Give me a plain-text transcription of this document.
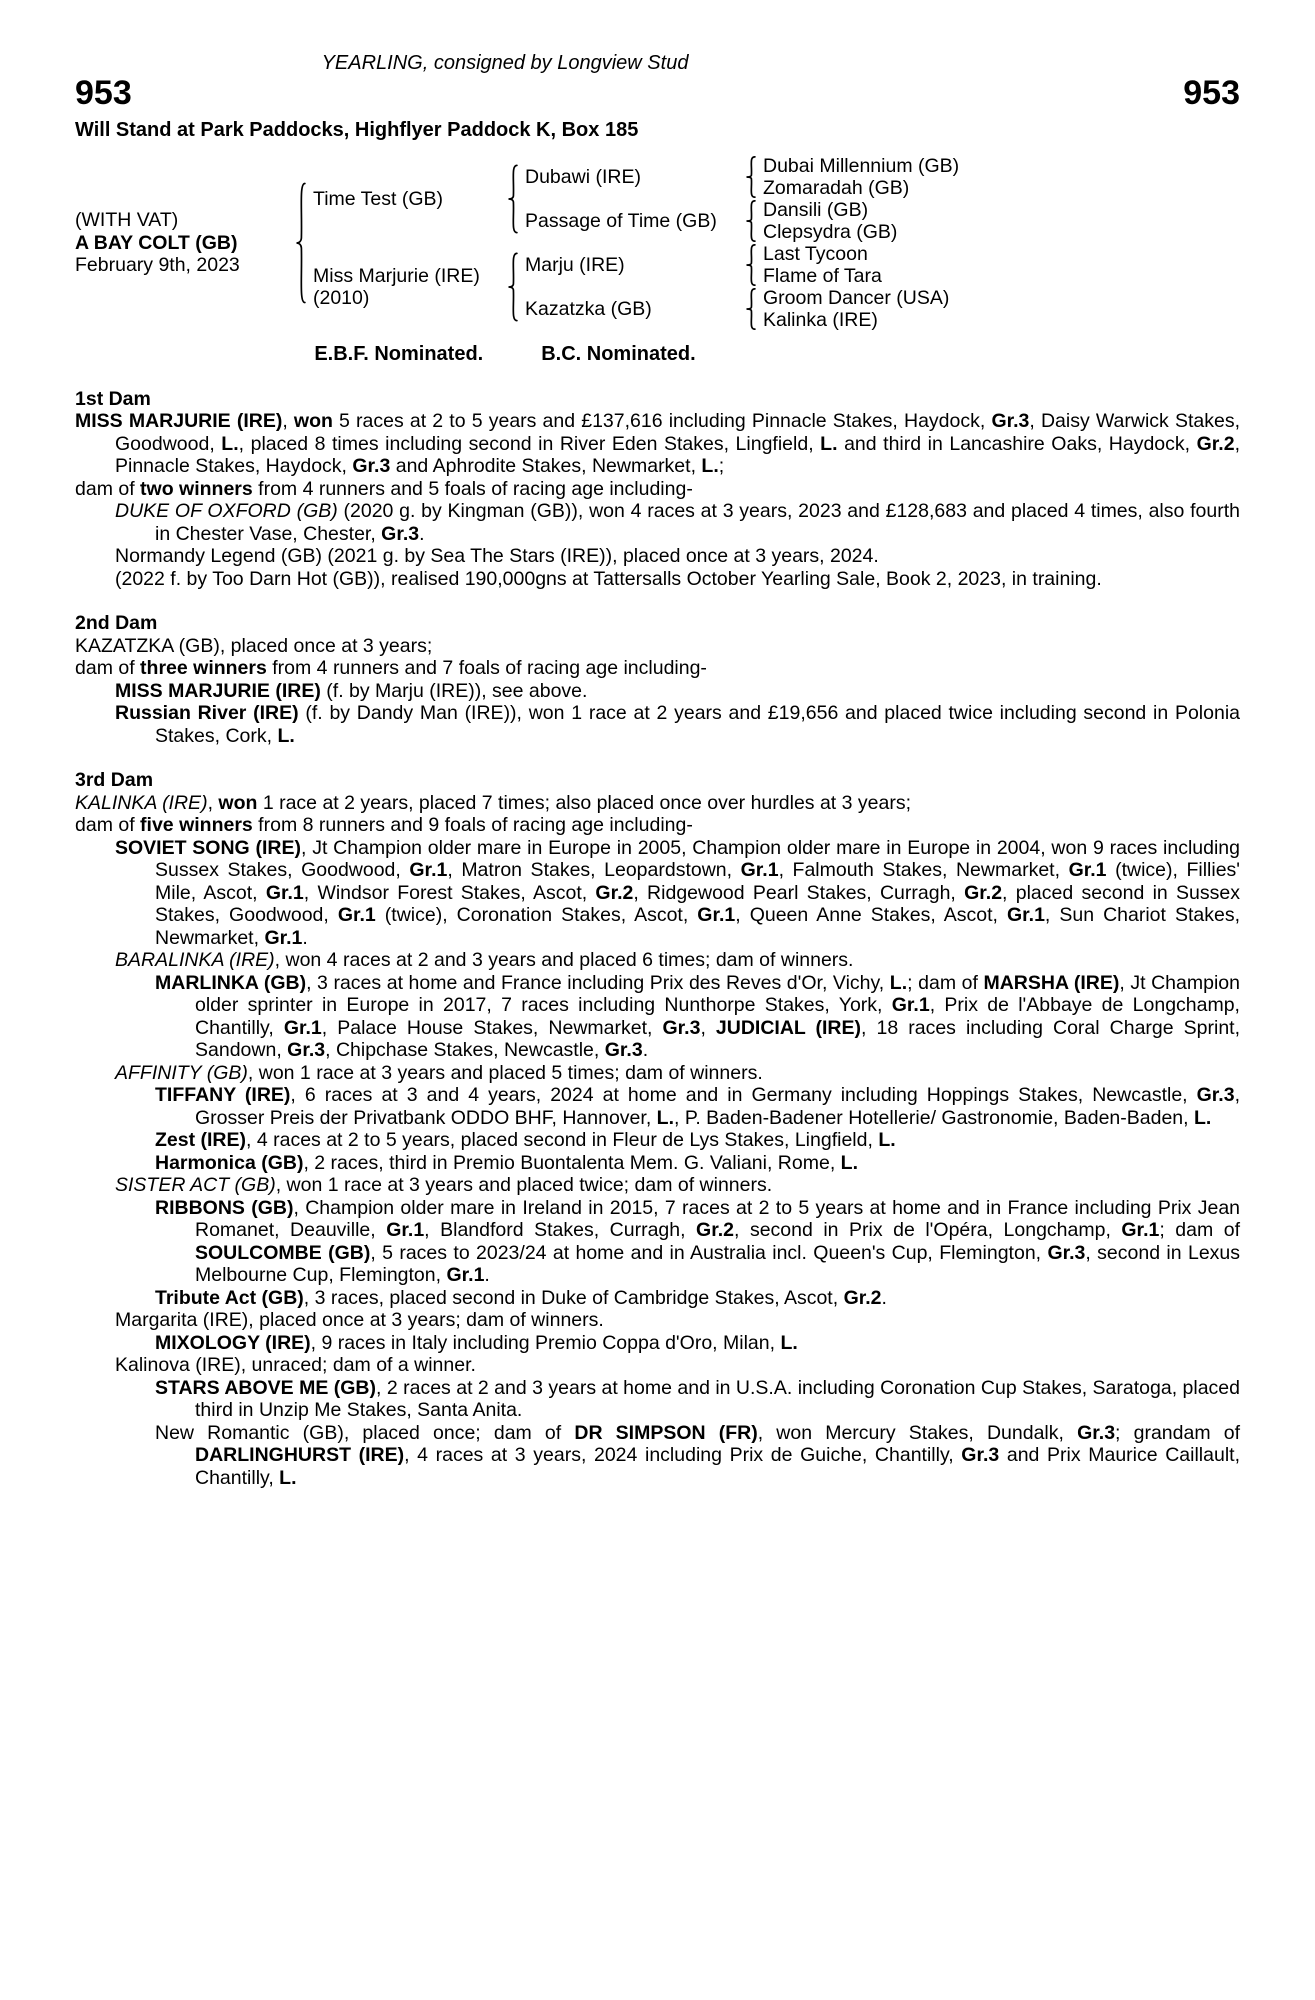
YEARLING, consigned by Longview Stud
953	953
Will Stand at Park Paddocks, Highflyer Paddock K, Box 185
(WITH VAT)
A BAY COLT (GB)
February 9th, 2023
Time Test (GB)
Miss Marjurie (IRE)
(2010)
Dubawi (IRE)
Passage of Time (GB)
Marju (IRE)
Kazatzka (GB)
Dubai Millennium (GB)
Zomaradah (GB)
Dansili (GB)
Clepsydra (GB)
Last Tycoon
Flame of Tara
Groom Dancer (USA)
Kalinka (IRE)
E.B.F. Nominated.	B.C. Nominated.
1st Dam
MISS MARJURIE (IRE), won 5 races at 2 to 5 years and £137,616 including Pinnacle Stakes, Haydock, Gr.3, Daisy Warwick Stakes, Goodwood, L., placed 8 times including second in River Eden Stakes, Lingfield, L. and third in Lancashire Oaks, Haydock, Gr.2, Pinnacle Stakes, Haydock, Gr.3 and Aphrodite Stakes, Newmarket, L.;
dam of two winners from 4 runners and 5 foals of racing age including-
DUKE OF OXFORD (GB) (2020 g. by Kingman (GB)), won 4 races at 3 years, 2023 and £128,683 and placed 4 times, also fourth in Chester Vase, Chester, Gr.3.
Normandy Legend (GB) (2021 g. by Sea The Stars (IRE)), placed once at 3 years, 2024.
(2022 f. by Too Darn Hot (GB)), realised 190,000gns at Tattersalls October Yearling Sale, Book 2, 2023, in training.
2nd Dam
KAZATZKA (GB), placed once at 3 years;
dam of three winners from 4 runners and 7 foals of racing age including-
MISS MARJURIE (IRE) (f. by Marju (IRE)), see above.
Russian River (IRE) (f. by Dandy Man (IRE)), won 1 race at 2 years and £19,656 and placed twice including second in Polonia Stakes, Cork, L.
3rd Dam
KALINKA (IRE), won 1 race at 2 years, placed 7 times; also placed once over hurdles at 3 years;
dam of five winners from 8 runners and 9 foals of racing age including-
SOVIET SONG (IRE), Jt Champion older mare in Europe in 2005, Champion older mare in Europe in 2004, won 9 races including Sussex Stakes, Goodwood, Gr.1, Matron Stakes, Leopardstown, Gr.1, Falmouth Stakes, Newmarket, Gr.1 (twice), Fillies' Mile, Ascot, Gr.1, Windsor Forest Stakes, Ascot, Gr.2, Ridgewood Pearl Stakes, Curragh, Gr.2, placed second in Sussex Stakes, Goodwood, Gr.1 (twice), Coronation Stakes, Ascot, Gr.1, Queen Anne Stakes, Ascot, Gr.1, Sun Chariot Stakes, Newmarket, Gr.1.
BARALINKA (IRE), won 4 races at 2 and 3 years and placed 6 times; dam of winners.
MARLINKA (GB), 3 races at home and France including Prix des Reves d'Or, Vichy, L.; dam of MARSHA (IRE), Jt Champion older sprinter in Europe in 2017, 7 races including Nunthorpe Stakes, York, Gr.1, Prix de l'Abbaye de Longchamp, Chantilly, Gr.1, Palace House Stakes, Newmarket, Gr.3, JUDICIAL (IRE), 18 races including Coral Charge Sprint, Sandown, Gr.3, Chipchase Stakes, Newcastle, Gr.3.
AFFINITY (GB), won 1 race at 3 years and placed 5 times; dam of winners.
TIFFANY (IRE), 6 races at 3 and 4 years, 2024 at home and in Germany including Hoppings Stakes, Newcastle, Gr.3, Grosser Preis der Privatbank ODDO BHF, Hannover, L., P. Baden-Badener Hotellerie/ Gastronomie, Baden-Baden, L.
Zest (IRE), 4 races at 2 to 5 years, placed second in Fleur de Lys Stakes, Lingfield, L.
Harmonica (GB), 2 races, third in Premio Buontalenta Mem. G. Valiani, Rome, L.
SISTER ACT (GB), won 1 race at 3 years and placed twice; dam of winners.
RIBBONS (GB), Champion older mare in Ireland in 2015, 7 races at 2 to 5 years at home and in France including Prix Jean Romanet, Deauville, Gr.1, Blandford Stakes, Curragh, Gr.2, second in Prix de l'Opéra, Longchamp, Gr.1; dam of SOULCOMBE (GB), 5 races to 2023/24 at home and in Australia incl. Queen's Cup, Flemington, Gr.3, second in Lexus Melbourne Cup, Flemington, Gr.1.
Tribute Act (GB), 3 races, placed second in Duke of Cambridge Stakes, Ascot, Gr.2.
Margarita (IRE), placed once at 3 years; dam of winners.
MIXOLOGY (IRE), 9 races in Italy including Premio Coppa d'Oro, Milan, L.
Kalinova (IRE), unraced; dam of a winner.
STARS ABOVE ME (GB), 2 races at 2 and 3 years at home and in U.S.A. including Coronation Cup Stakes, Saratoga, placed third in Unzip Me Stakes, Santa Anita.
New Romantic (GB), placed once; dam of DR SIMPSON (FR), won Mercury Stakes, Dundalk, Gr.3; grandam of DARLINGHURST (IRE), 4 races at 3 years, 2024 including Prix de Guiche, Chantilly, Gr.3 and Prix Maurice Caillault, Chantilly, L.
